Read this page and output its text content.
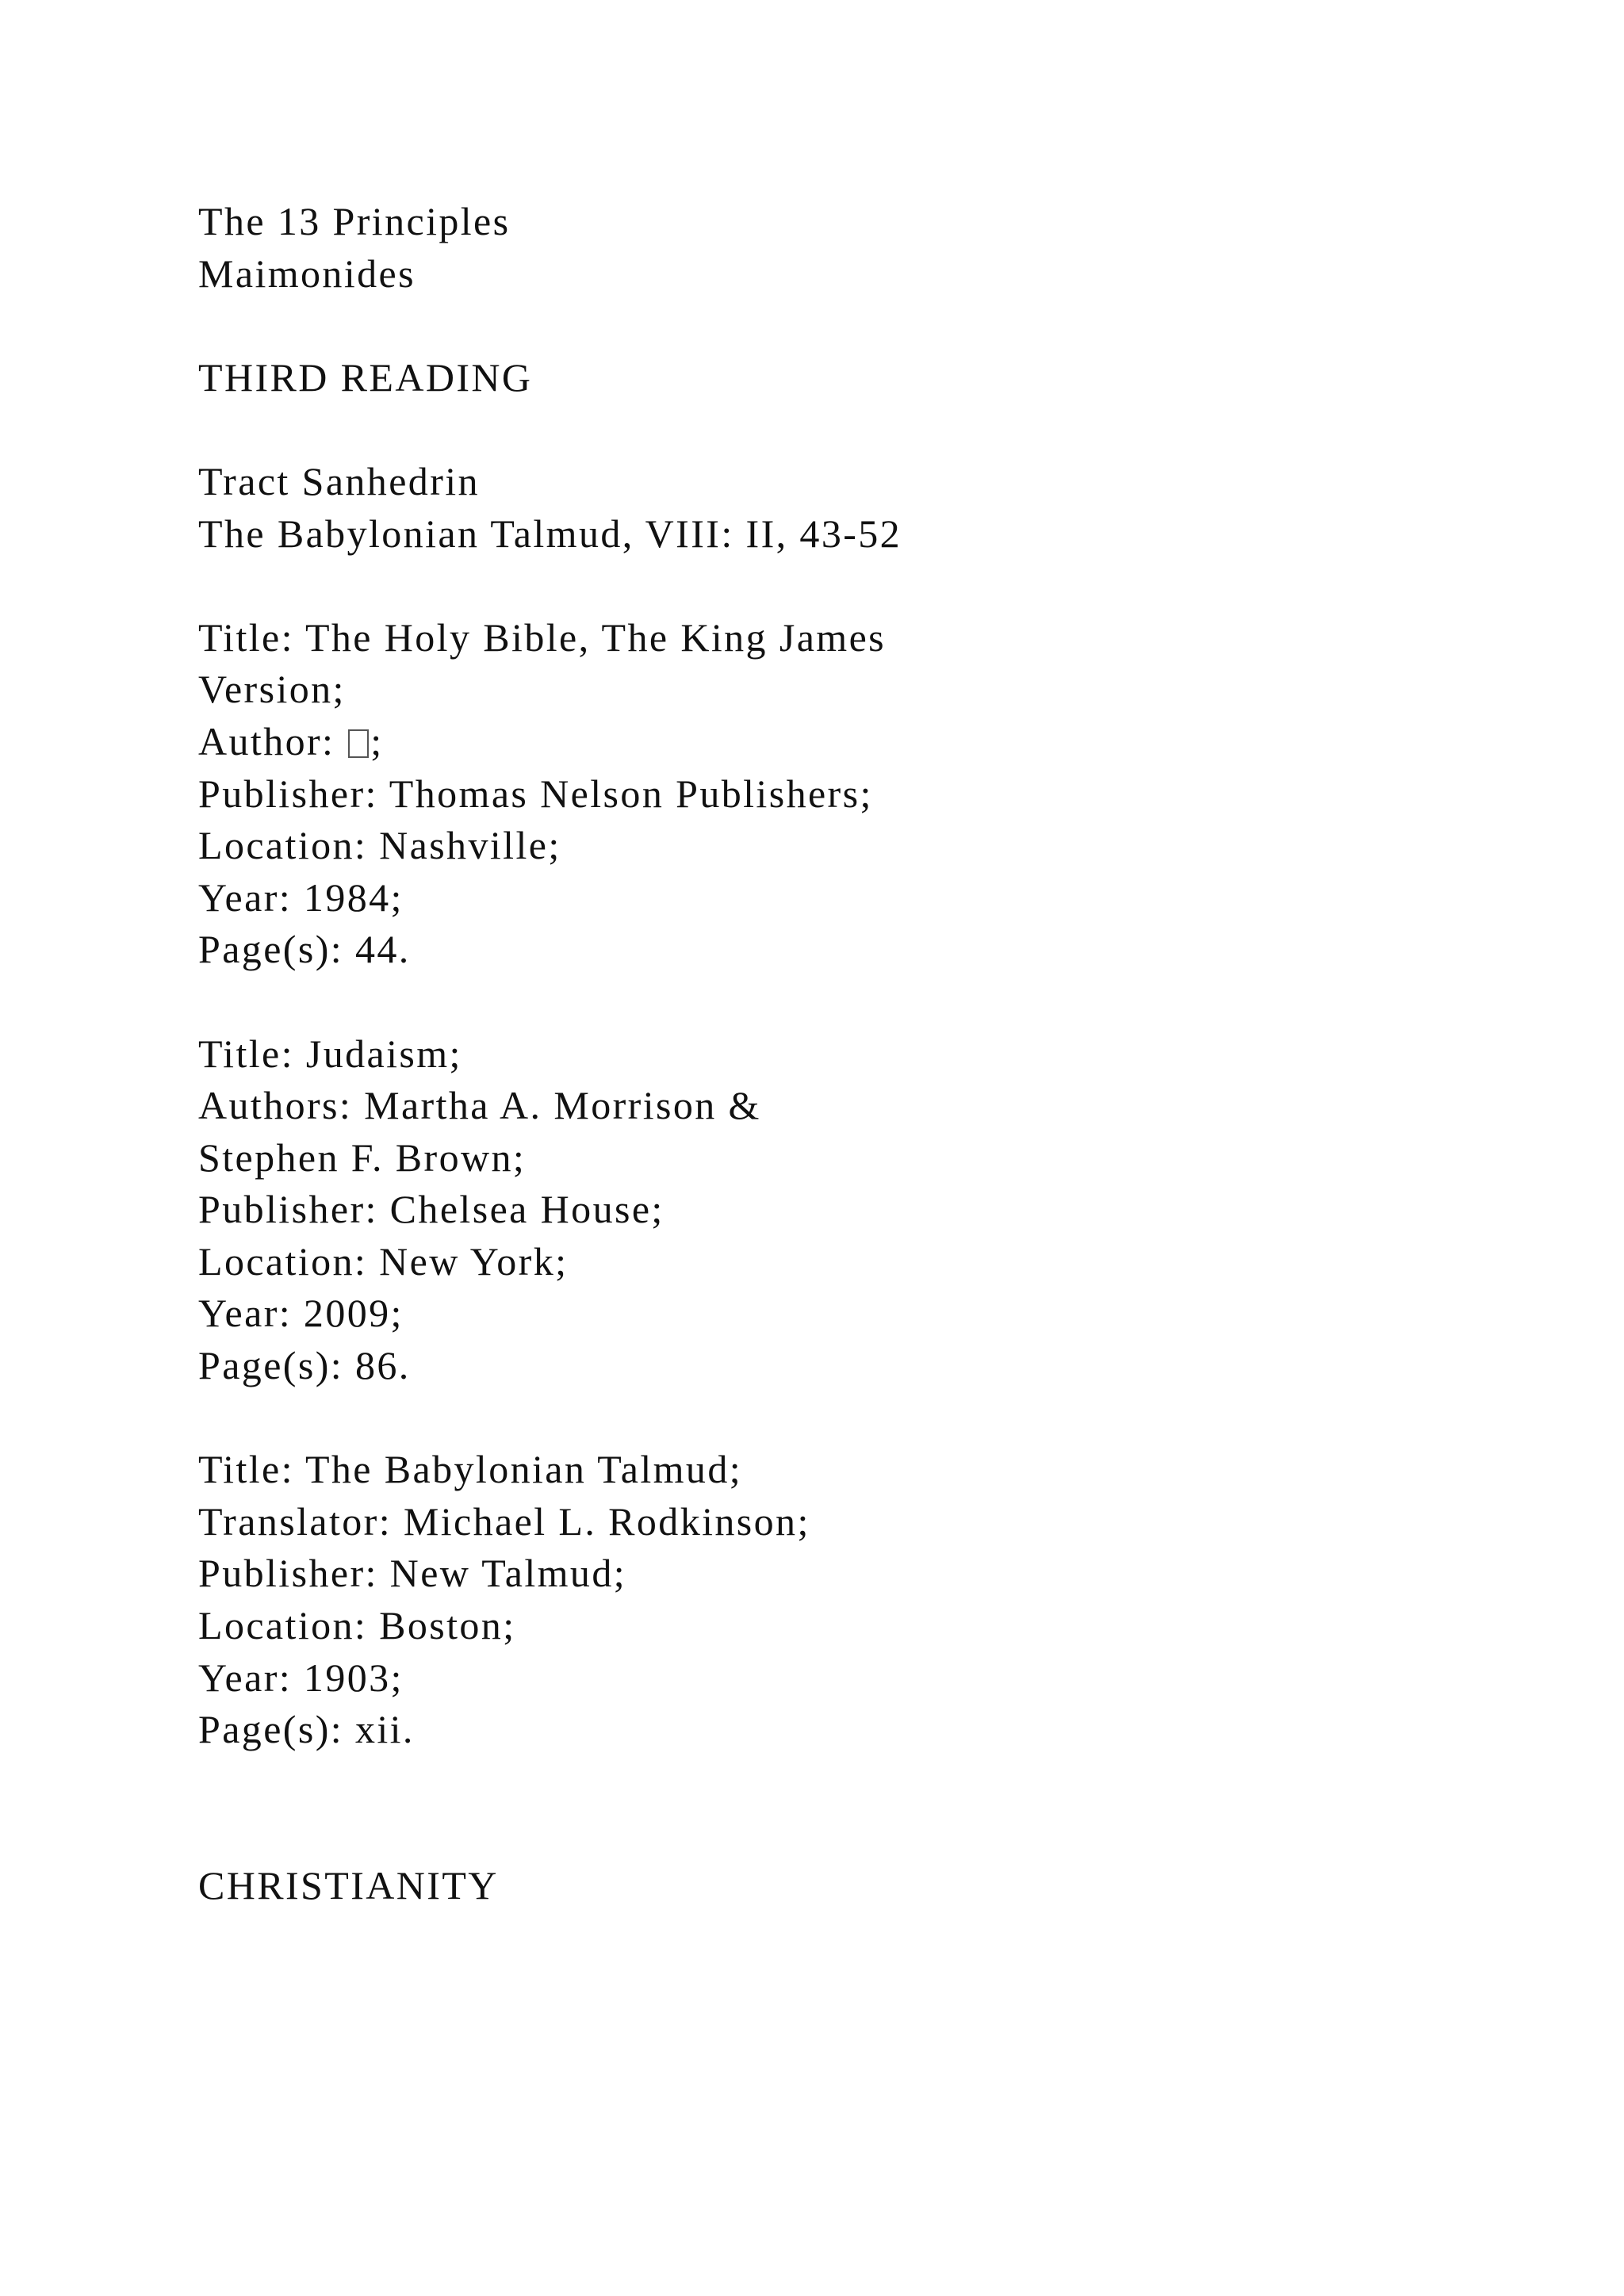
The 13 Principles
Maimonides
THIRD READING
Tract Sanhedrin
The Babylonian Talmud, VIII: II, 43-52
Title: The Holy Bible, The King James
Version;
Author: ;
Publisher: Thomas Nelson Publishers;
Location: Nashville;
Year: 1984;
Page(s): 44.
Title: Judaism;
Authors: Martha A. Morrison &
Stephen F. Brown;
Publisher: Chelsea House;
Location: New York;
Year: 2009;
Page(s): 86.
Title: The Babylonian Talmud;
Translator: Michael L. Rodkinson;
Publisher: New Talmud;
Location: Boston;
Year: 1903;
Page(s): xii.
CHRISTIANITY
